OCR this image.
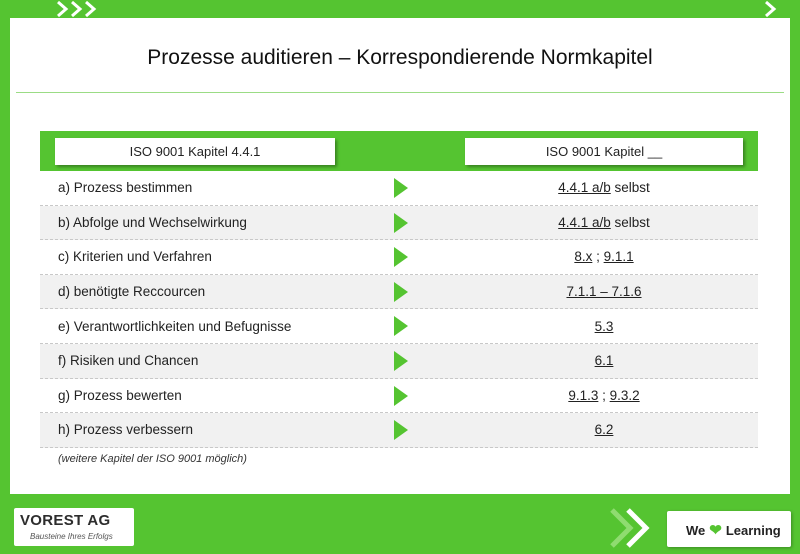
Prozesse auditieren – Korrespondierende Normkapitel
ISO 9001 Kapitel 4.4.1	ISO 9001 Kapitel __
a) Prozess bestimmen	4.4.1 a/b selbst
b) Abfolge und Wechselwirkung	4.4.1 a/b selbst
c) Kriterien und Verfahren	8.x ; 9.1.1
d) benötigte Reccourcen	7.1.1 – 7.1.6
e) Verantwortlichkeiten und Befugnisse	5.3
f) Risiken und Chancen	6.1
g) Prozess bewerten	9.1.3 ; 9.3.2
h) Prozess verbessern	6.2
(weitere Kapitel der ISO 9001 möglich)
VOREST AG
Bausteine Ihres Erfolgs	We ❤ Learning
